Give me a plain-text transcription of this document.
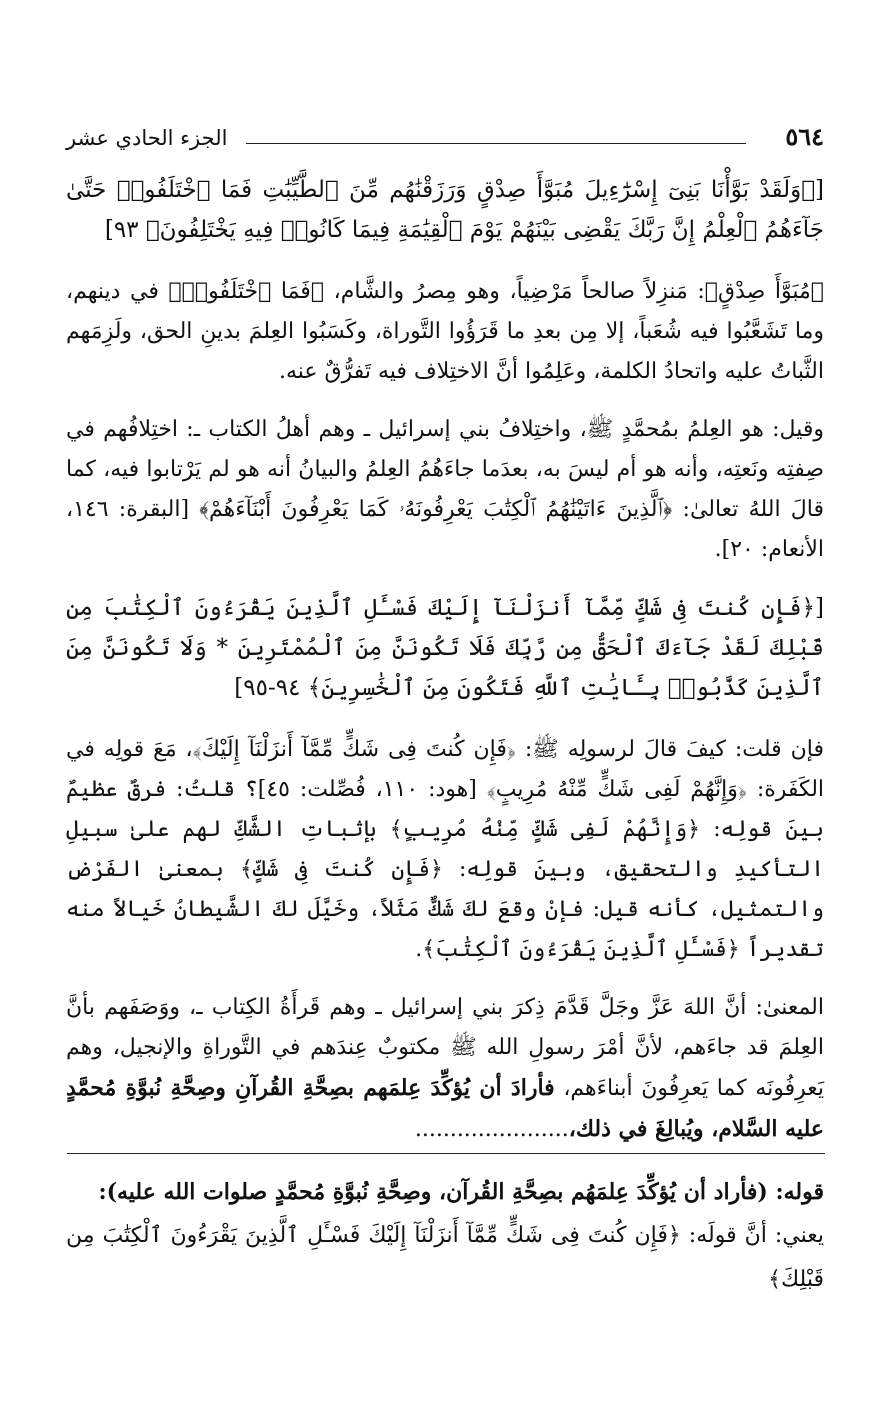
٥٦٤
الجزء الحادي عشر

[﴿وَلَقَدْ بَوَّأْنَا بَنِىٓ إِسْرَٰٓءِيلَ مُبَوَّأَ صِدْقٍ وَرَزَقْنَٰهُم مِّنَ ٱلطَّيِّبَٰتِ فَمَا ٱخْتَلَفُوا۟ حَتَّىٰ جَآءَهُمُ ٱلْعِلْمُ إِنَّ رَبَّكَ يَقْضِى بَيْنَهُمْ يَوْمَ ٱلْقِيَٰمَةِ فِيمَا كَانُوا۟ فِيهِ يَخْتَلِفُونَ﴾ ٩٣]

﴿مُبَوَّأَ صِدْقٍ﴾: مَنزِلاً صالحاً مَرْضِياً، وهو مِصرُ والشَّام، ﴿فَمَا ٱخْتَلَفُوا۟﴾ في دينهم، وما تَشَعَّبُوا فيه شُعَباً، إلا مِن بعدِ ما قَرَؤُوا التَّوراة، وكَسَبُوا العِلمَ بدينِ الحق، ولَزِمَهم الثَّباتُ عليه واتحادُ الكلمة، وعَلِمُوا أنَّ الاختِلاف فيه تَفرُّقٌ عنه.

وقيل: هو العِلمُ بمُحمَّدٍ ﷺ، واختِلافُ بني إسرائيل ـ وهم أهلُ الكتاب ـ: اختِلافُهم في صِفتِه ونَعتِه، وأنه هو أم ليسَ به، بعدَما جاءَهُمُ العِلمُ والبيانُ أنه هو لم يَرْتابوا فيه، كما قالَ اللهُ تعالىٰ: ﴿ٱلَّذِينَ ءَاتَيْنَٰهُمُ ٱلْكِتَٰبَ يَعْرِفُونَهُۥ كَمَا يَعْرِفُونَ أَبْنَآءَهُمْ﴾ [البقرة: ١٤٦، الأنعام: ٢٠].

[﴿فَإِن كُنتَ فِى شَكٍّ مِّمَّآ أَنزَلْنَآ إِلَيْكَ فَسْـَٔلِ ٱلَّذِينَ يَقْرَءُونَ ٱلْكِتَٰبَ مِن قَبْلِكَ لَقَدْ جَآءَكَ ٱلْحَقُّ مِن رَّبِّكَ فَلَا تَكُونَنَّ مِنَ ٱلْمُمْتَرِينَ * وَلَا تَكُونَنَّ مِنَ ٱلَّذِينَ كَذَّبُوا۟ بِـَٔايَٰتِ ٱللَّهِ فَتَكُونَ مِنَ ٱلْخَٰسِرِينَ﴾ ٩٤-٩٥]

فإن قلت: كيفَ قالَ لرسولِه ﷺ: ﴿فَإِن كُنتَ فِى شَكٍّ مِّمَّآ أَنزَلْنَآ إِلَيْكَ﴾، مَعَ قولِه في الكَفَرة: ﴿وَإِنَّهُمْ لَفِى شَكٍّ مِّنْهُ مُرِيبٍ﴾ [هود: ١١٠، فُصِّلت: ٤٥]؟ قلتُ: فرقٌ عظيمٌ بينَ قولِه: ﴿وَإِنَّهُمْ لَفِى شَكٍّ مِّنْهُ مُرِيبٍ﴾ بإثباتِ الشَّكِّ لهم علىٰ سبيلِ التأكيدِ والتحقيق، وبينَ قولِه: ﴿فَإِن كُنتَ فِى شَكٍّ﴾ بمعنىٰ الفَرْضِ والتمثيل، كأنه قيل: فإنْ وقعَ لكَ شَكٌّ مَثَلاً، وخَيَّلَ لكَ الشَّيطانُ خَيالاً منه تقديراً ﴿فَسْـَٔلِ ٱلَّذِينَ يَقْرَءُونَ ٱلْكِتَٰبَ﴾.

المعنىٰ: أنَّ اللهَ عَزَّ وجَلَّ قَدَّمَ ذِكرَ بني إسرائيل ـ وهم قَرأَةُ الكِتاب ـ، ووَصَفَهم بأنَّ العِلمَ قد جاءَهم، لأنَّ أمْرَ رسولِ الله ﷺ مكتوبٌ عِندَهم في التَّوراةِ والإنجيل، وهم يَعرِفُونَه كما يَعرِفُونَ أبناءَهم، فأرادَ أن يُؤكِّدَ عِلمَهم بصِحَّةِ القُرآنِ وصِحَّةِ نُبوَّةِ مُحمَّدٍ عليه السَّلام، ويُبالِغَ في ذلك،......................

قوله: (فأراد أن يُؤكِّدَ عِلمَهُم بصِحَّةِ القُرآن، وصِحَّةِ نُبوَّةِ مُحمَّدٍ صلوات الله عليه):
يعني: أنَّ قولَه: ﴿فَإِن كُنتَ فِى شَكٍّ مِّمَّآ أَنزَلْنَآ إِلَيْكَ فَسْـَٔلِ ٱلَّذِينَ يَقْرَءُونَ ٱلْكِتَٰبَ مِن قَبْلِكَ﴾
